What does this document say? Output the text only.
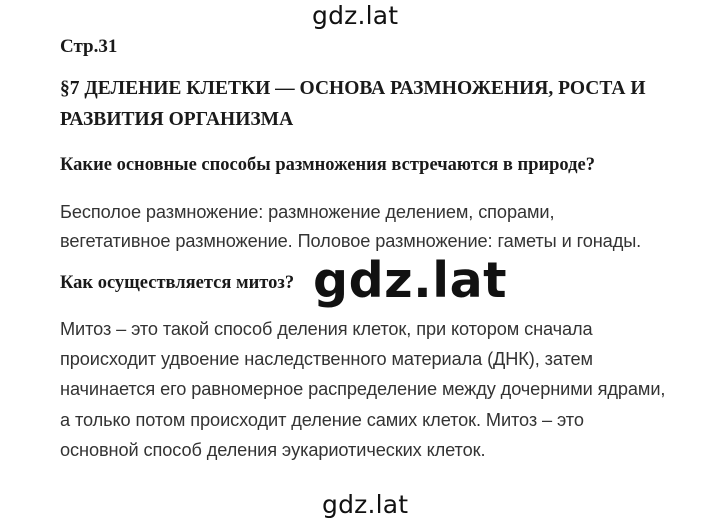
gdz.lat
Стр.31
§7 ДЕЛЕНИЕ КЛЕТКИ — ОСНОВА РАЗМНОЖЕНИЯ, РОСТА И
РАЗВИТИЯ ОРГАНИЗМА
Какие основные способы размножения встречаются в природе?
Бесполое размножение: размножение делением, спорами,
вегетативное размножение. Половое размножение: гаметы и гонады.
Как осуществляется митоз?
Митоз – это такой способ деления клеток, при котором сначала
происходит удвоение наследственного материала (ДНК), затем
начинается его равномерное распределение между дочерними ядрами,
а только потом происходит деление самих клеток. Митоз – это
основной способ деления эукариотических клеток.
gdz.lat
gdz.lat
